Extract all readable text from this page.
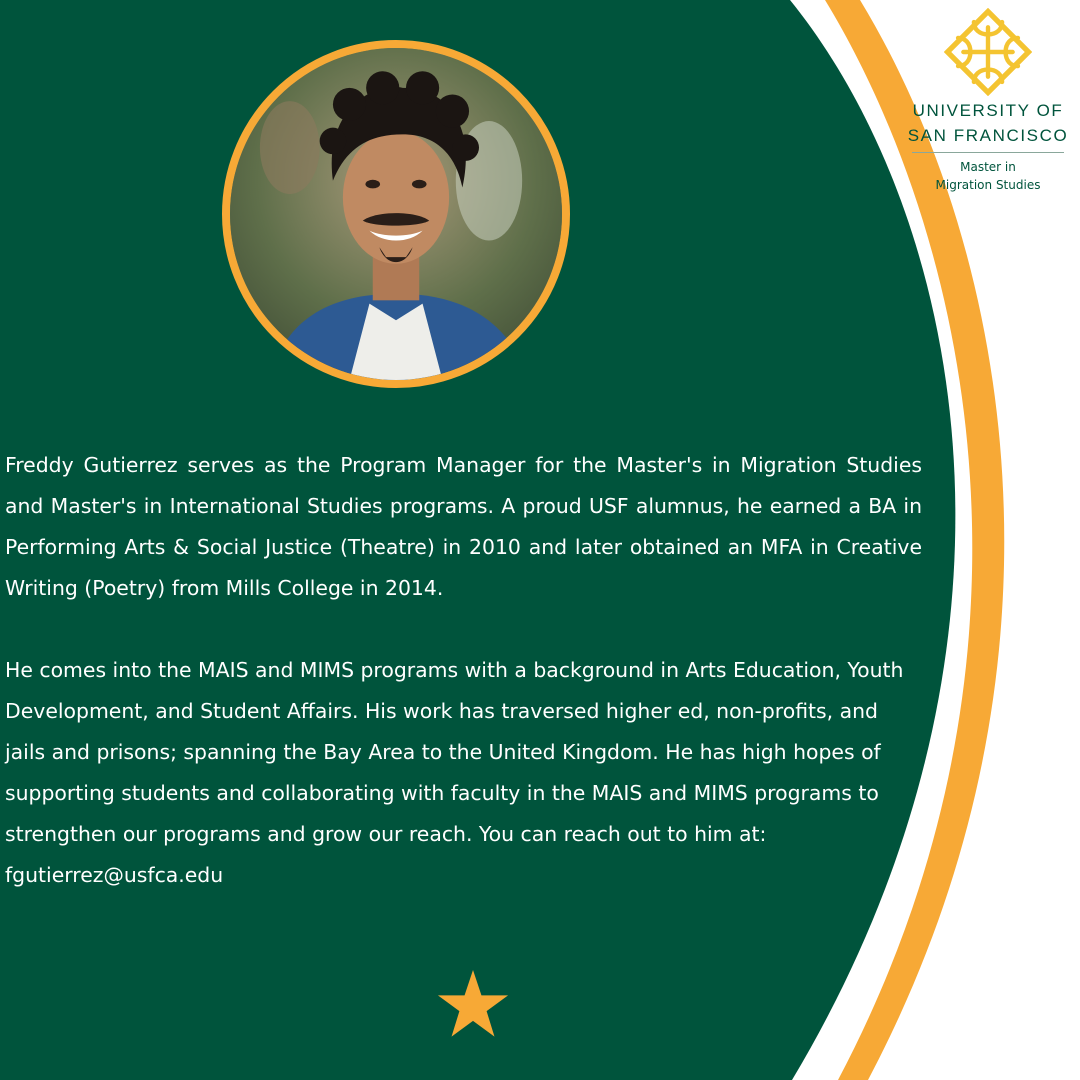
UNIVERSITY OF
SAN FRANCISCO
Master in
Migration Studies

Freddy Gutierrez serves as the Program Manager for the Master's in Migration Studies and Master's in International Studies programs. A proud USF alumnus, he earned a BA in Performing Arts & Social Justice (Theatre) in 2010 and later obtained an MFA in Creative Writing (Poetry) from Mills College in 2014.

He comes into the MAIS and MIMS programs with a background in Arts Education, Youth Development, and Student Affairs. His work has traversed higher ed, non-profits, and jails and prisons; spanning the Bay Area to the United Kingdom. He has high hopes of supporting students and collaborating with faculty in the MAIS and MIMS programs to strengthen our programs and grow our reach. You can reach out to him at: fgutierrez@usfca.edu
